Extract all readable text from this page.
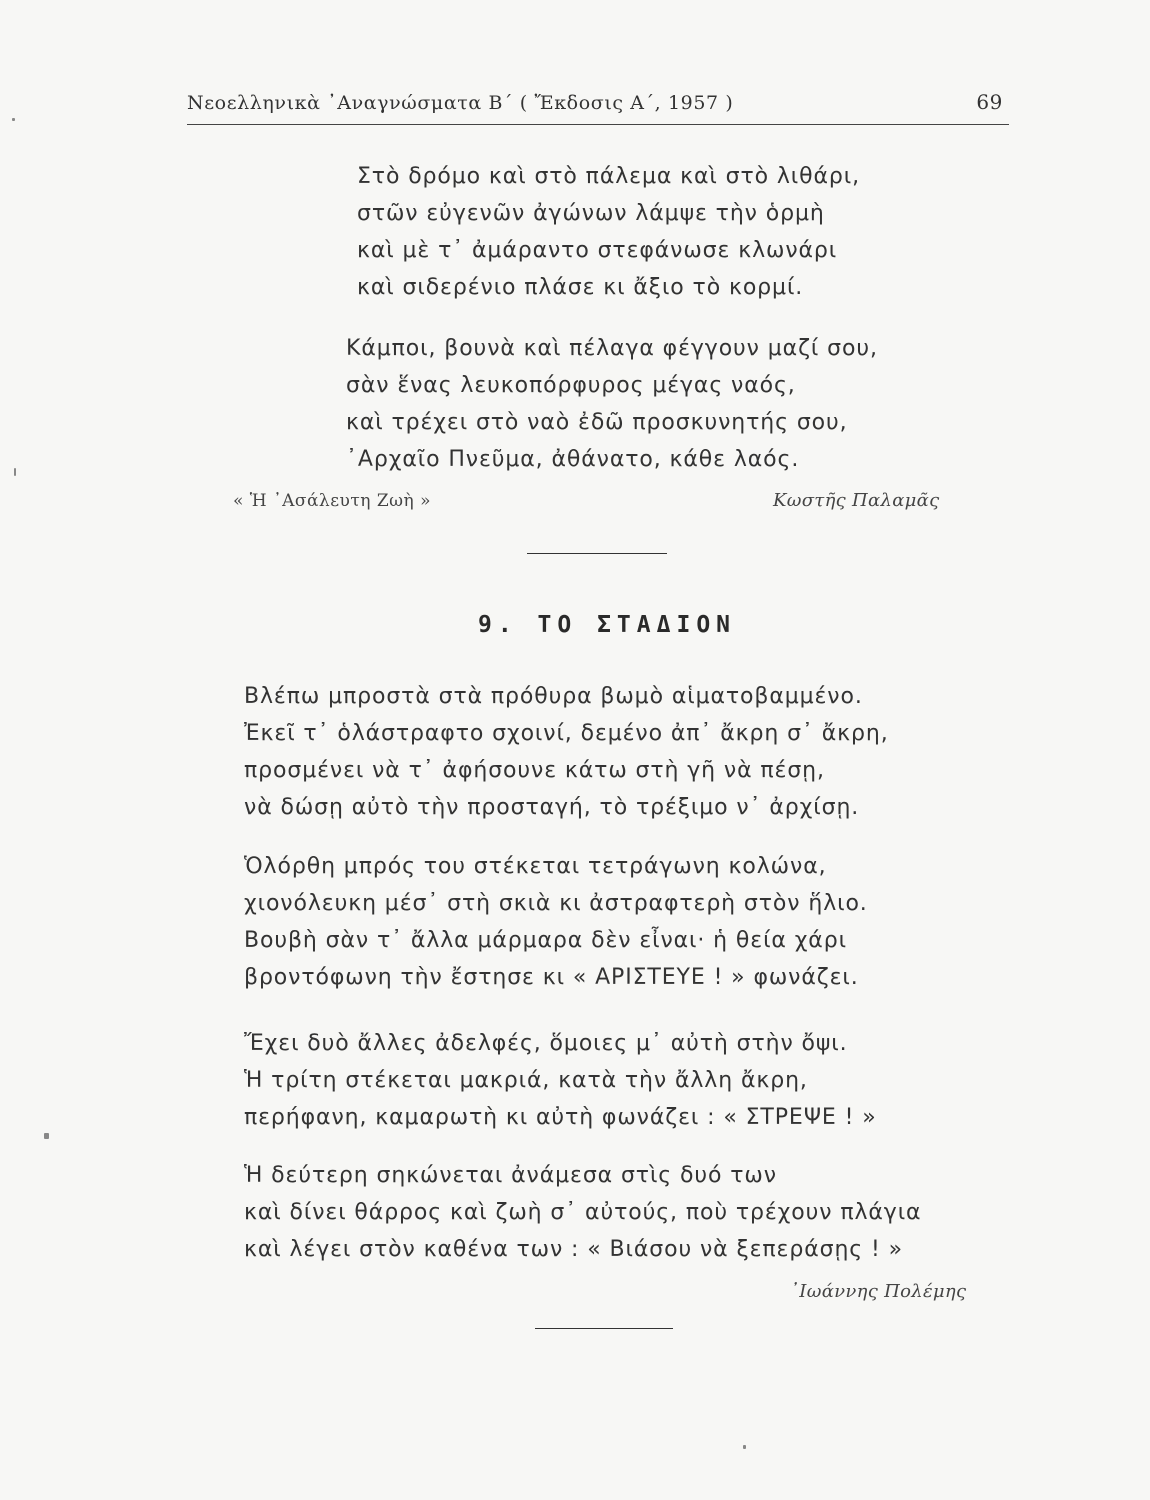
Νεοελληνικὰ ᾿Αναγνώσματα Β΄ ( Ἔκδοσις Α΄, 1957 )	69
Στὸ δρόμο καὶ στὸ πάλεμα καὶ στὸ λιθάρι,
στῶν εὐγενῶν ἀγώνων λάμψε τὴν ὁρμὴ
καὶ μὲ τ᾿ ἀμάραντο στεφάνωσε κλωνάρι
καὶ σιδερένιο πλάσε κι ἄξιο τὸ κορμί.
Κάμποι, βουνὰ καὶ πέλαγα φέγγουν μαζί σου,
σὰν ἕνας λευκοπόρφυρος μέγας ναός,
καὶ τρέχει στὸ ναὸ ἐδῶ προσκυνητής σου,
᾿Αρχαῖο Πνεῦμα, ἀθάνατο, κάθε λαός.
« Ἡ ᾿Ασάλευτη Ζωὴ »	Κωστῆς Παλαμᾶς
9. ΤΟ ΣΤΑΔΙΟΝ
Βλέπω μπροστὰ στὰ πρόθυρα βωμὸ αἱματοβαμμένο.
Ἐκεῖ τ᾿ ὁλάστραφτο σχοινί, δεμένο ἀπ᾿ ἄκρη σ᾿ ἄκρη,
προσμένει νὰ τ᾿ ἀφήσουνε κάτω στὴ γῆ νὰ πέσῃ,
νὰ δώσῃ αὐτὸ τὴν προσταγή, τὸ τρέξιμο ν᾿ ἀρχίσῃ.
Ὁλόρθη μπρός του στέκεται τετράγωνη κολώνα,
χιονόλευκη μέσ᾿ στὴ σκιὰ κι ἀστραφτερὴ στὸν ἥλιο.
Βουβὴ σὰν τ᾿ ἄλλα μάρμαρα δὲν εἶναι· ἡ θεία χάρι
βροντόφωνη τὴν ἔστησε κι « ΑΡΙΣΤΕΥΕ ! » φωνάζει.
Ἔχει δυὸ ἄλλες ἀδελφές, ὅμοιες μ᾿ αὐτὴ στὴν ὄψι.
Ἡ τρίτη στέκεται μακριά, κατὰ τὴν ἄλλη ἄκρη,
περήφανη, καμαρωτὴ κι αὐτὴ φωνάζει : « ΣΤΡΕΨΕ ! »
Ἡ δεύτερη σηκώνεται ἀνάμεσα στὶς δυό των
καὶ δίνει θάρρος καὶ ζωὴ σ᾿ αὐτούς, ποὺ τρέχουν πλάγια
καὶ λέγει στὸν καθένα των : « Βιάσου νὰ ξεπεράσῃς ! »
᾿Ιωάννης Πολέμης
